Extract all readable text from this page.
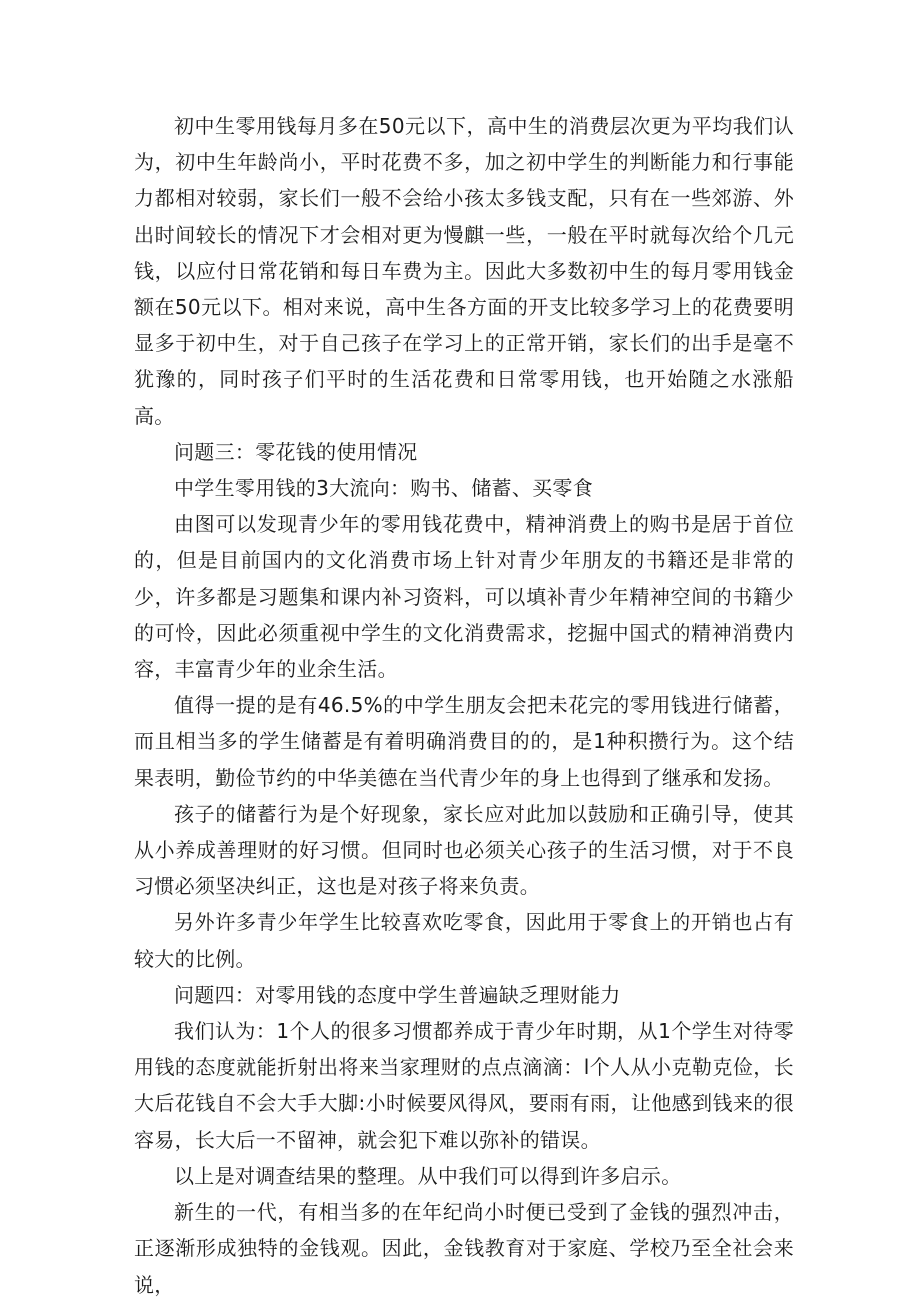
初中生零用钱每月多在50元以下，高中生的消费层次更为平均我们认为，初中生年龄尚小，平时花费不多，加之初中学生的判断能力和行事能力都相对较弱，家长们一般不会给小孩太多钱支配，只有在一些郊游、外出时间较长的情况下才会相对更为慢麒一些，一般在平时就每次给个几元钱，以应付日常花销和每日车费为主。因此大多数初中生的每月零用钱金额在50元以下。相对来说，高中生各方面的开支比较多学习上的花费要明显多于初中生，对于自己孩子在学习上的正常开销，家长们的出手是毫不犹豫的，同时孩子们平时的生活花费和日常零用钱，也开始随之水涨船高。

问题三：零花钱的使用情况

中学生零用钱的3大流向：购书、储蓄、买零食

由图可以发现青少年的零用钱花费中，精神消费上的购书是居于首位的，但是目前国内的文化消费市场上针对青少年朋友的书籍还是非常的少，许多都是习题集和课内补习资料，可以填补青少年精神空间的书籍少的可怜，因此必须重视中学生的文化消费需求，挖掘中国式的精神消费内容，丰富青少年的业余生活。

值得一提的是有46.5%的中学生朋友会把未花完的零用钱进行储蓄，而且相当多的学生储蓄是有着明确消费目的的，是1种积攒行为。这个结果表明，勤俭节约的中华美德在当代青少年的身上也得到了继承和发扬。

孩子的储蓄行为是个好现象，家长应对此加以鼓励和正确引导，使其从小养成善理财的好习惯。但同时也必须关心孩子的生活习惯，对于不良习惯必须坚决纠正，这也是对孩子将来负责。

另外许多青少年学生比较喜欢吃零食，因此用于零食上的开销也占有较大的比例。

问题四：对零用钱的态度中学生普遍缺乏理财能力

我们认为：1个人的很多习惯都养成于青少年时期，从1个学生对待零用钱的态度就能折射出将来当家理财的点点滴滴：l个人从小克勒克俭，长大后花钱自不会大手大脚:小时候要风得风，要雨有雨，让他感到钱来的很容易，长大后一不留神，就会犯下难以弥补的错误。

以上是对调查结果的整理。从中我们可以得到许多启示。

新生的一代，有相当多的在年纪尚小时便已受到了金钱的强烈冲击，正逐渐形成独特的金钱观。因此，金钱教育对于家庭、学校乃至全社会来说，
